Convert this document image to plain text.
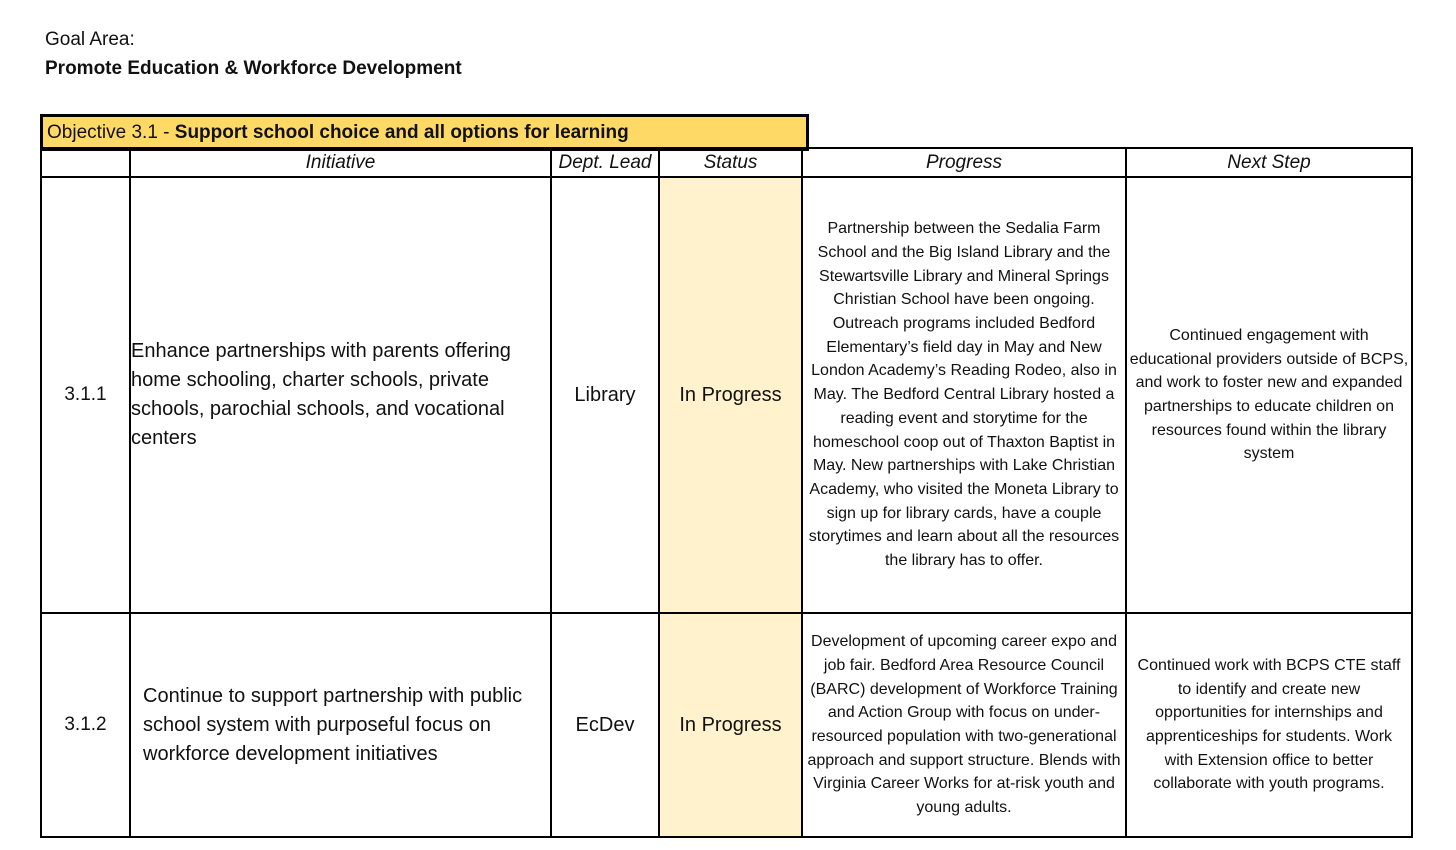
Goal Area:
Promote Education & Workforce Development
Objective 3.1 - Support school choice and all options for learning
	Initiative	Dept. Lead	Status	Progress	Next Step
3.1.1	Enhance partnerships with parents offering home schooling, charter schools, private schools, parochial schools, and vocational centers	Library	In Progress	Partnership between the Sedalia Farm School and the Big Island Library and the Stewartsville Library and Mineral Springs Christian School have been ongoing. Outreach programs included Bedford Elementary’s field day in May and New London Academy’s Reading Rodeo, also in May. The Bedford Central Library hosted a reading event and storytime for the homeschool coop out of Thaxton Baptist in May. New partnerships with Lake Christian Academy, who visited the Moneta Library to sign up for library cards, have a couple storytimes and learn about all the resources the library has to offer.	Continued engagement with educational providers outside of BCPS, and work to foster new and expanded partnerships to educate children on resources found within the library system
3.1.2	Continue to support partnership with public school system with purposeful focus on workforce development initiatives	EcDev	In Progress	Development of upcoming career expo and job fair. Bedford Area Resource Council (BARC) development of Workforce Training and Action Group with focus on under-resourced population with two-generational approach and support structure. Blends with Virginia Career Works for at-risk youth and young adults.	Continued work with BCPS CTE staff to identify and create new opportunities for internships and apprenticeships for students. Work with Extension office to better collaborate with youth programs.
